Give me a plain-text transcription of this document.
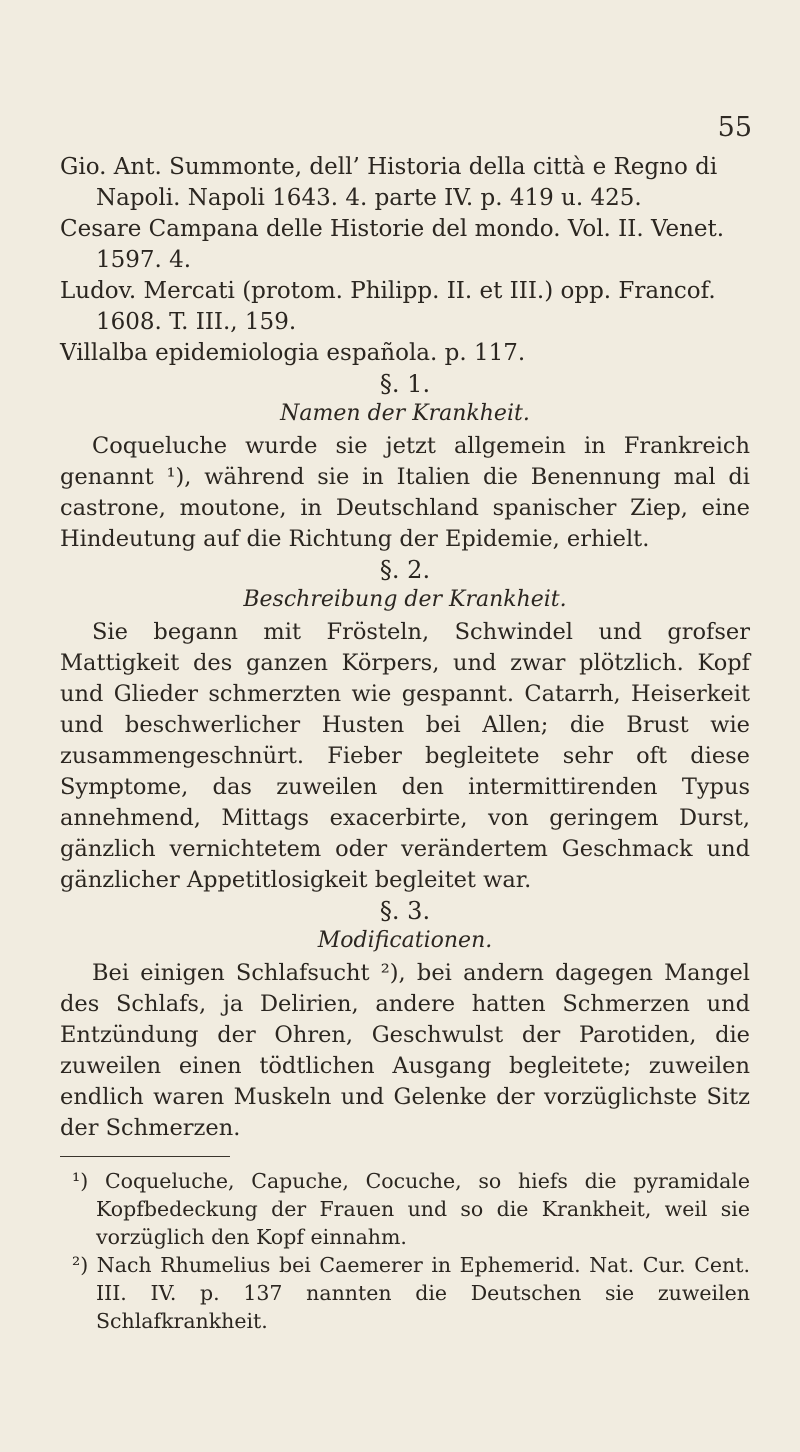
55

Gio. Ant. Summonte, dell’ Historia della città e Regno di Napoli. Napoli 1643. 4. parte IV. p. 419 u. 425.

Cesare Campana delle Historie del mondo. Vol. II. Venet. 1597. 4.

Ludov. Mercati (protom. Philipp. II. et III.) opp. Francof. 1608. T. III., 159.

Villalba epidemiologia española. p. 117.

§. 1.

Namen der Krankheit.

Coqueluche wurde sie jetzt allgemein in Frankreich genannt ¹), während sie in Italien die Benennung mal di castrone, moutone, in Deutschland spanischer Ziep, eine Hindeutung auf die Richtung der Epidemie, erhielt.

§. 2.

Beschreibung der Krankheit.

Sie begann mit Frösteln, Schwindel und grofser Mattigkeit des ganzen Körpers, und zwar plötzlich. Kopf und Glieder schmerzten wie gespannt. Catarrh, Heiserkeit und beschwerlicher Husten bei Allen; die Brust wie zusammengeschnürt. Fieber begleitete sehr oft diese Symptome, das zuweilen den intermittirenden Typus annehmend, Mittags exacerbirte, von geringem Durst, gänzlich vernichtetem oder verändertem Geschmack und gänzlicher Appetitlosigkeit begleitet war.

§. 3.

Modificationen.

Bei einigen Schlafsucht ²), bei andern dagegen Mangel des Schlafs, ja Delirien, andere hatten Schmerzen und Entzündung der Ohren, Geschwulst der Parotiden, die zuweilen einen tödtlichen Ausgang begleitete; zuweilen endlich waren Muskeln und Gelenke der vorzüglichste Sitz der Schmerzen.

¹) Coqueluche, Capuche, Cocuche, so hiefs die pyramidale Kopfbedeckung der Frauen und so die Krankheit, weil sie vorzüglich den Kopf einnahm.

²) Nach Rhumelius bei Caemerer in Ephemerid. Nat. Cur. Cent. III. IV. p. 137 nannten die Deutschen sie zuweilen Schlafkrankheit.
